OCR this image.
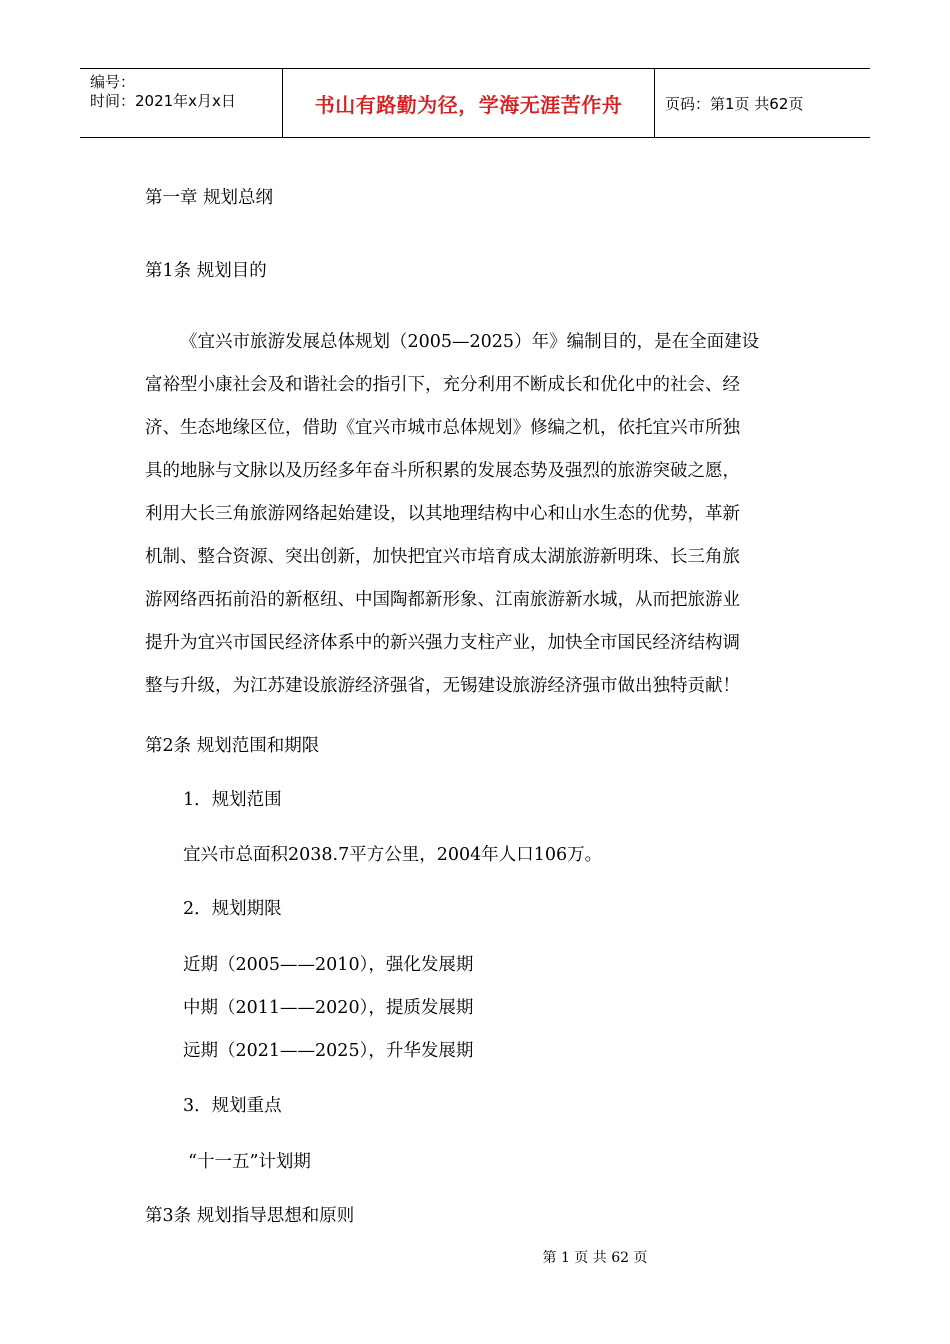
编号：
时间：2021年x月x日	书山有路勤为径，学海无涯苦作舟	页码：第1页 共62页
第一章 规划总纲
第1条 规划目的
《宜兴市旅游发展总体规划（2005—2025）年》编制目的，是在全面建设
富裕型小康社会及和谐社会的指引下，充分利用不断成长和优化中的社会、经
济、生态地缘区位，借助《宜兴市城市总体规划》修编之机，依托宜兴市所独
具的地脉与文脉以及历经多年奋斗所积累的发展态势及强烈的旅游突破之愿，
利用大长三角旅游网络起始建设，以其地理结构中心和山水生态的优势，革新
机制、整合资源、突出创新，加快把宜兴市培育成太湖旅游新明珠、长三角旅
游网络西拓前沿的新枢纽、中国陶都新形象、江南旅游新水城，从而把旅游业
提升为宜兴市国民经济体系中的新兴强力支柱产业，加快全市国民经济结构调
整与升级，为江苏建设旅游经济强省，无锡建设旅游经济强市做出独特贡献！
第2条 规划范围和期限
1．规划范围
宜兴市总面积2038.7平方公里，2004年人口106万。
2．规划期限
近期（2005——2010），强化发展期
中期（2011——2020），提质发展期
远期（2021——2025），升华发展期
3．规划重点
“十一五”计划期
第3条 规划指导思想和原则
第 1 页 共 62 页
